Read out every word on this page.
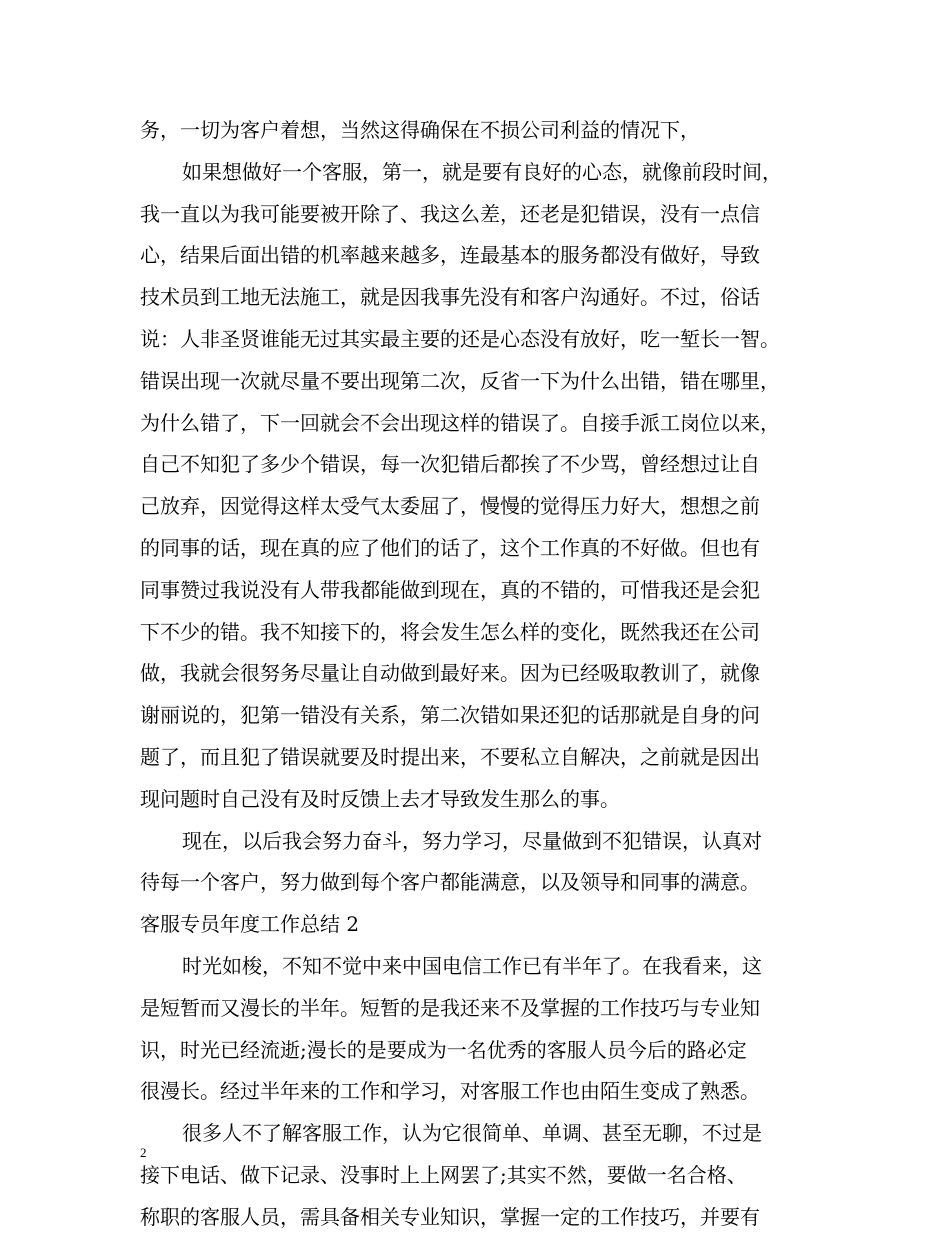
务，一切为客户着想，当然这得确保在不损公司利益的情况下，
如果想做好一个客服，第一，就是要有良好的心态，就像前段时间，
我一直以为我可能要被开除了、我这么差，还老是犯错误，没有一点信
心，结果后面出错的机率越来越多，连最基本的服务都没有做好，导致
技术员到工地无法施工，就是因我事先没有和客户沟通好。不过，俗话
说：人非圣贤谁能无过其实最主要的还是心态没有放好，吃一堑长一智。
错误出现一次就尽量不要出现第二次，反省一下为什么出错，错在哪里，
为什么错了，下一回就会不会出现这样的错误了。自接手派工岗位以来，
自己不知犯了多少个错误，每一次犯错后都挨了不少骂，曾经想过让自
己放弃，因觉得这样太受气太委屈了，慢慢的觉得压力好大，想想之前
的同事的话，现在真的应了他们的话了，这个工作真的不好做。但也有
同事赞过我说没有人带我都能做到现在，真的不错的，可惜我还是会犯
下不少的错。我不知接下的，将会发生怎么样的变化，既然我还在公司
做，我就会很努务尽量让自动做到最好来。因为已经吸取教训了，就像
谢丽说的，犯第一错没有关系，第二次错如果还犯的话那就是自身的问
题了，而且犯了错误就要及时提出来，不要私立自解决，之前就是因出
现问题时自己没有及时反馈上去才导致发生那么的事。
现在，以后我会努力奋斗，努力学习，尽量做到不犯错误，认真对
待每一个客户，努力做到每个客户都能满意，以及领导和同事的满意。
客服专员年度工作总结 2
时光如梭，不知不觉中来中国电信工作已有半年了。在我看来，这
是短暂而又漫长的半年。短暂的是我还来不及掌握的工作技巧与专业知
识，时光已经流逝;漫长的是要成为一名优秀的客服人员今后的路必定
很漫长。经过半年来的工作和学习，对客服工作也由陌生变成了熟悉。
很多人不了解客服工作，认为它很简单、单调、甚至无聊，不过是
接下电话、做下记录、没事时上上网罢了;其实不然，要做一名合格、
称职的客服人员，需具备相关专业知识，掌握一定的工作技巧，并要有
2
